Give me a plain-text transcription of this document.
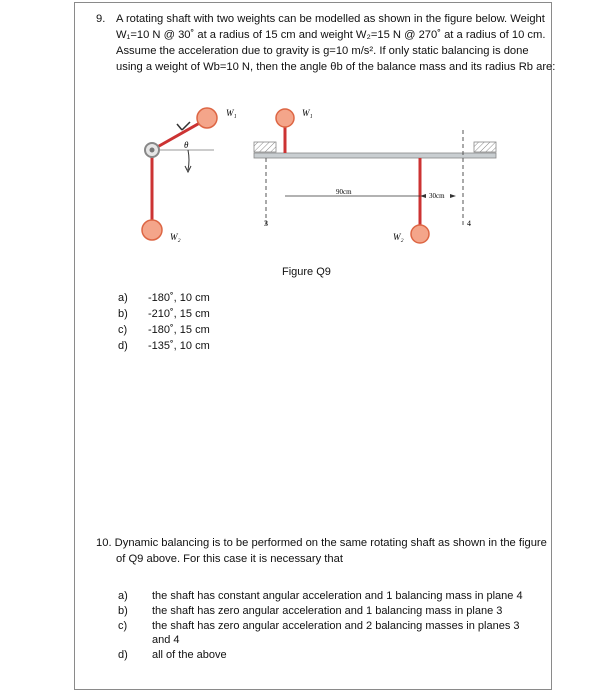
9. A rotating shaft with two weights can be modelled as shown in the figure below. Weight
W₁=10 N @ 30˚ at a radius of 15 cm and weight W₂=15 N @ 270˚ at a radius of 10 cm.
Assume the acceleration due to gravity is g=10 m/s². If only static balancing is done
using a weight of Wb=10 N, then the angle θb of the balance mass and its radius Rb are:
W₁
θ
W₂
90cm	30cm
W₁
W₂
3	4
Figure Q9
a) -180˚, 10 cm
b) -210˚, 15 cm
c) -180˚, 15 cm
d) -135˚, 10 cm
10. Dynamic balancing is to be performed on the same rotating shaft as shown in the figure
of Q9 above. For this case it is necessary that
a) the shaft has constant angular acceleration and 1 balancing mass in plane 4
b) the shaft has zero angular acceleration and 1 balancing mass in plane 3
c) the shaft has zero angular acceleration and 2 balancing masses in planes 3
and 4
d) all of the above
